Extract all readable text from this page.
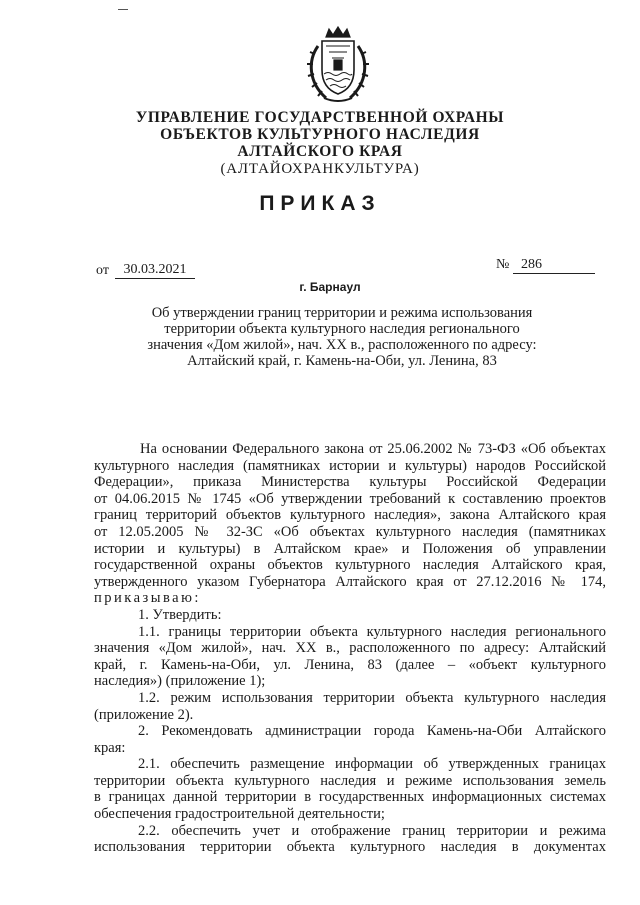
УПРАВЛЕНИЕ ГОСУДАРСТВЕННОЙ ОХРАНЫ
ОБЪЕКТОВ КУЛЬТУРНОГО НАСЛЕДИЯ
АЛТАЙСКОГО КРАЯ
(АЛТАЙОХРАНКУЛЬТУРА)
ПРИКАЗ
от	30.03.2021	№ 286
г. Барнаул
Об утверждении границ территории и режима использования
территории объекта культурного наследия регионального
значения «Дом жилой», нач. XX в., расположенного по адресу:
Алтайский край, г. Камень-на-Оби, ул. Ленина, 83
На основании Федерального закона от 25.06.2002 № 73-ФЗ «Об объектах
культурного наследия (памятниках истории и культуры) народов Российской
Федерации», приказа Министерства культуры Российской Федерации
от 04.06.2015 № 1745 «Об утверждении требований к составлению проектов
границ территорий объектов культурного наследия», закона Алтайского края
от 12.05.2005 № 32-ЗС «Об объектах культурного наследия (памятниках
истории и культуры) в Алтайском крае» и Положения об управлении
государственной охраны объектов культурного наследия Алтайского края,
утвержденного указом Губернатора Алтайского края от 27.12.2016 № 174,
приказываю:
1. Утвердить:
1.1. границы территории объекта культурного наследия регионального
значения «Дом жилой», нач. XX в., расположенного по адресу: Алтайский
край, г. Камень-на-Оби, ул. Ленина, 83 (далее – «объект культурного
наследия») (приложение 1);
1.2. режим использования территории объекта культурного наследия
(приложение 2).
2. Рекомендовать администрации города Камень-на-Оби Алтайского
края:
2.1. обеспечить размещение информации об утвержденных границах
территории объекта культурного наследия и режиме использования земель
в границах данной территории в государственных информационных системах
обеспечения градостроительной деятельности;
2.2. обеспечить учет и отображение границ территории и режима
использования территории объекта культурного наследия в документах
